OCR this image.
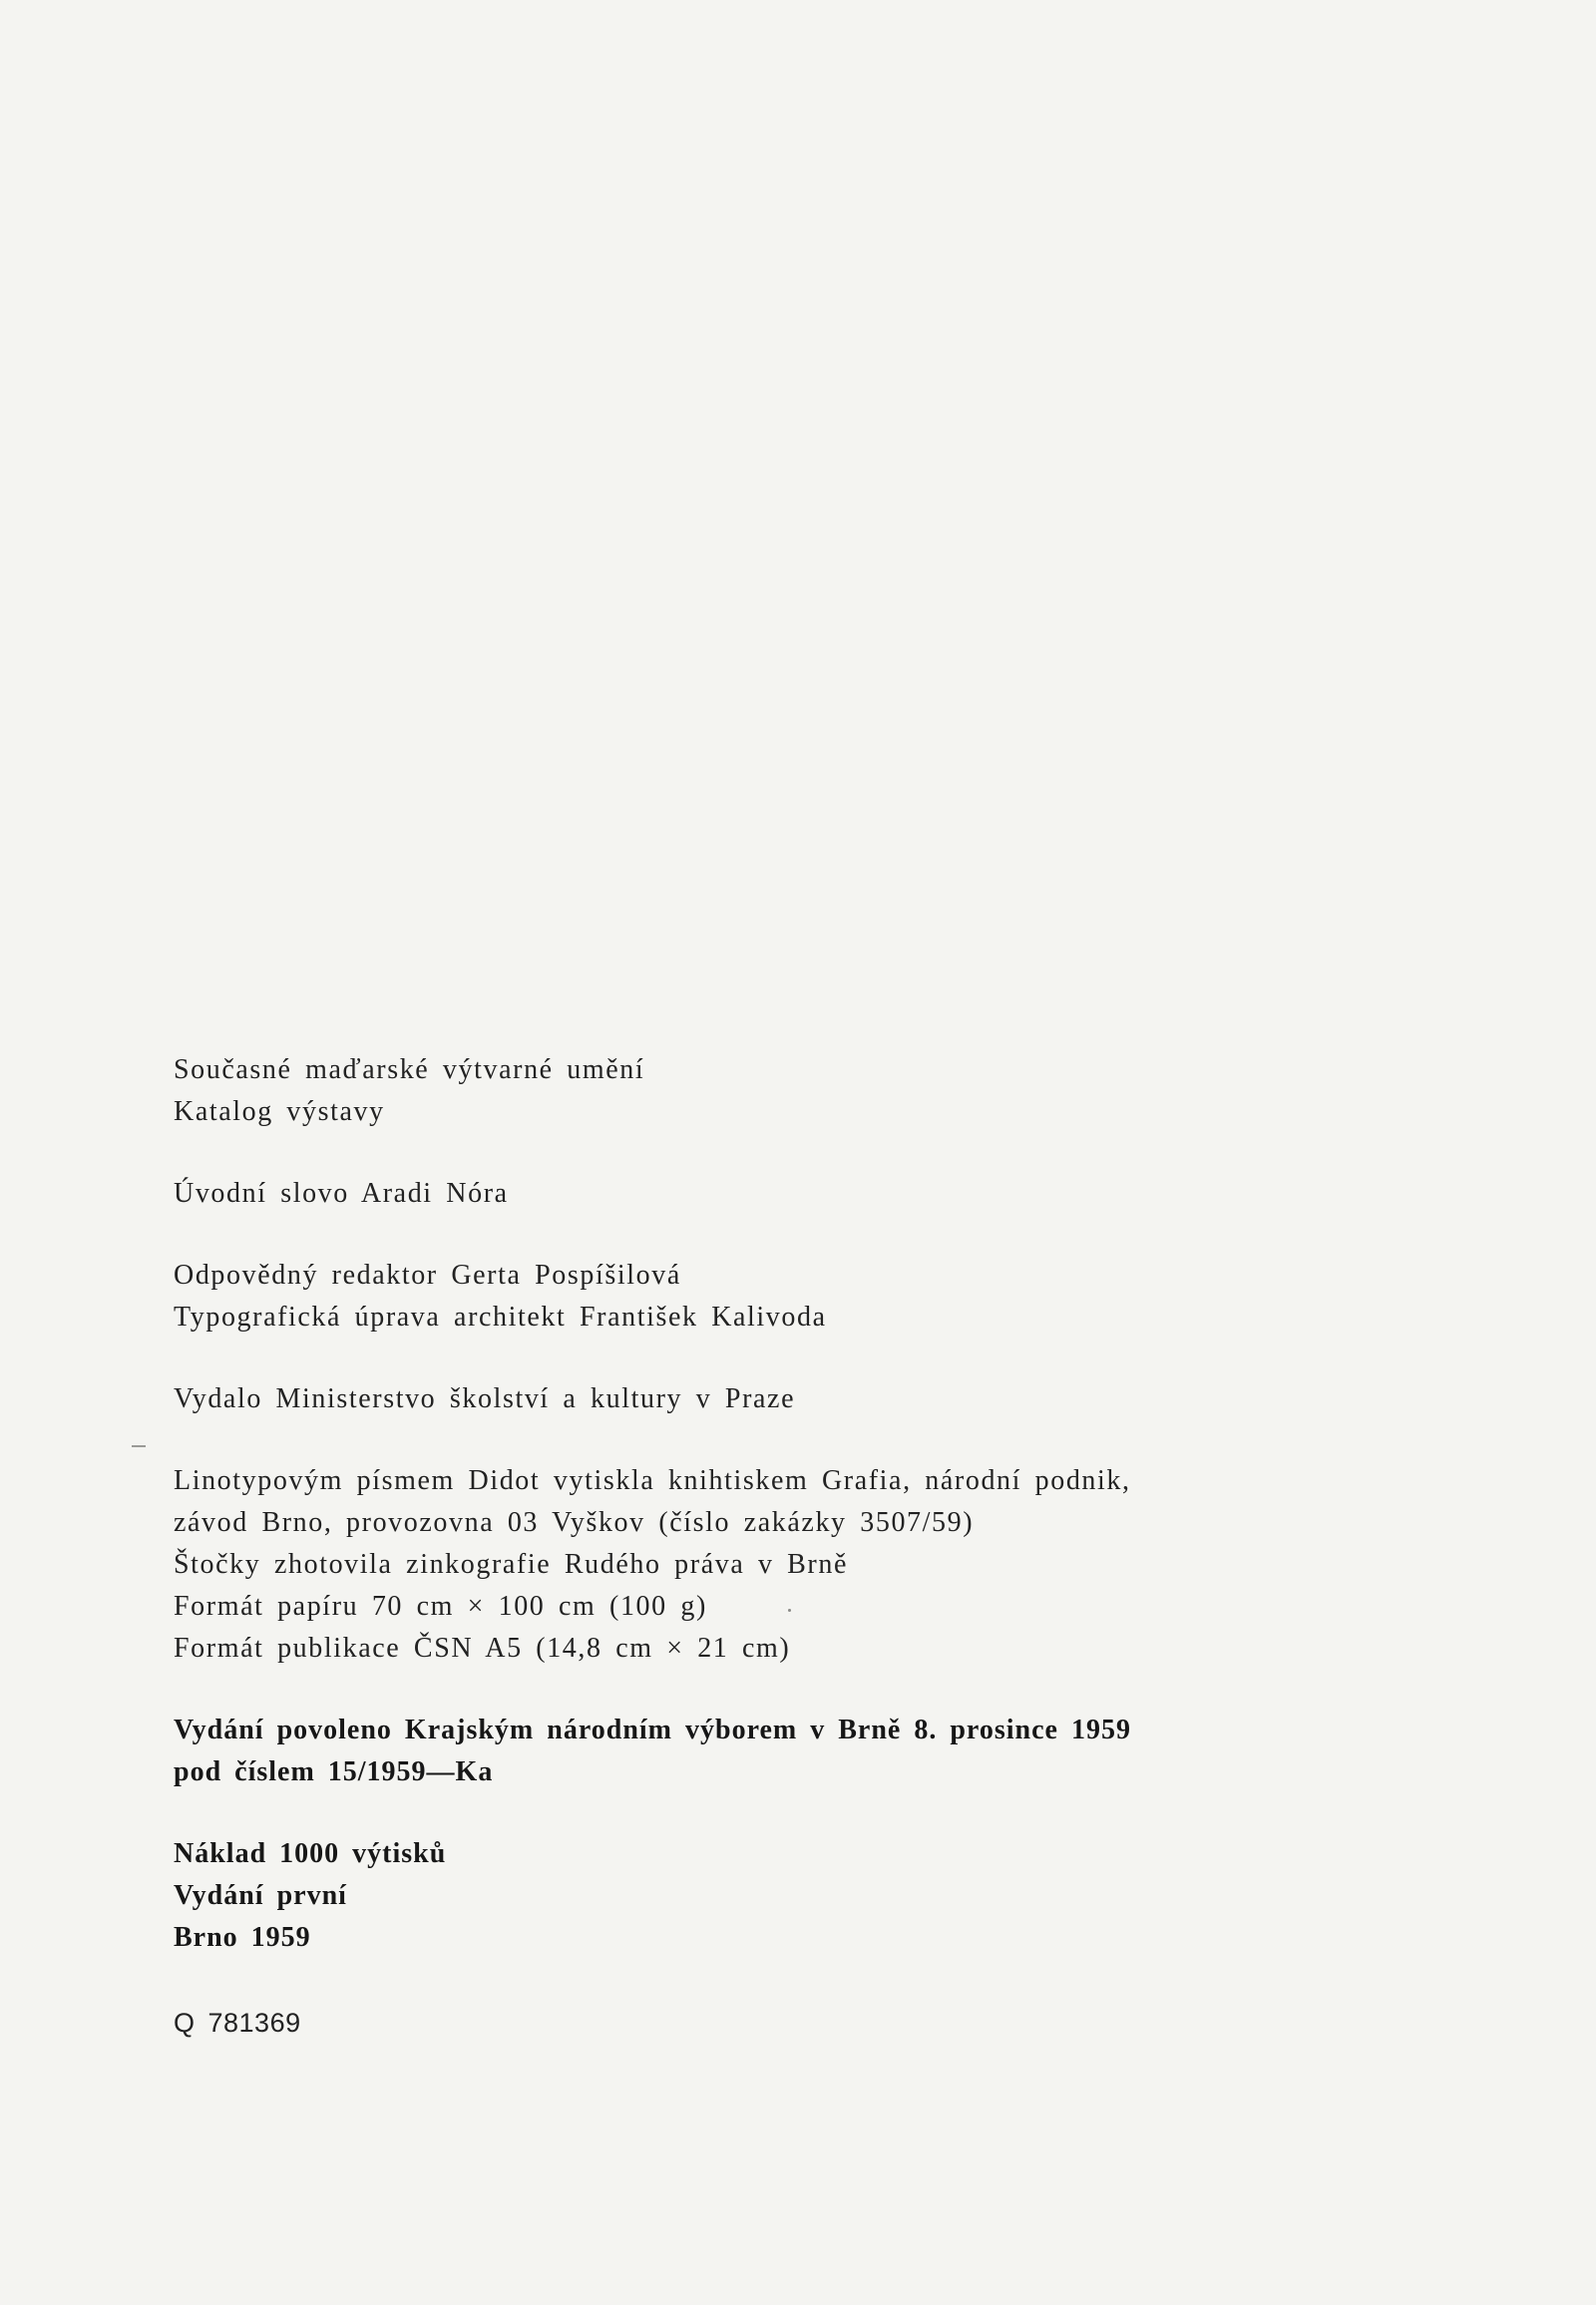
Současné maďarské výtvarné umění
Katalog výstavy
Úvodní slovo Aradi Nóra
Odpovědný redaktor Gerta Pospíšilová
Typografická úprava architekt František Kalivoda
Vydalo Ministerstvo školství a kultury v Praze
Linotypovým písmem Didot vytiskla knihtiskem Grafia, národní podnik,
závod Brno, provozovna 03 Vyškov (číslo zakázky 3507/59)
Štočky zhotovila zinkografie Rudého práva v Brně
Formát papíru 70 cm × 100 cm (100 g)
Formát publikace ČSN A5 (14,8 cm × 21 cm)
Vydání povoleno Krajským národním výborem v Brně 8. prosince 1959
pod číslem 15/1959—Ka
Náklad 1000 výtisků
Vydání první
Brno 1959
Q 781369
